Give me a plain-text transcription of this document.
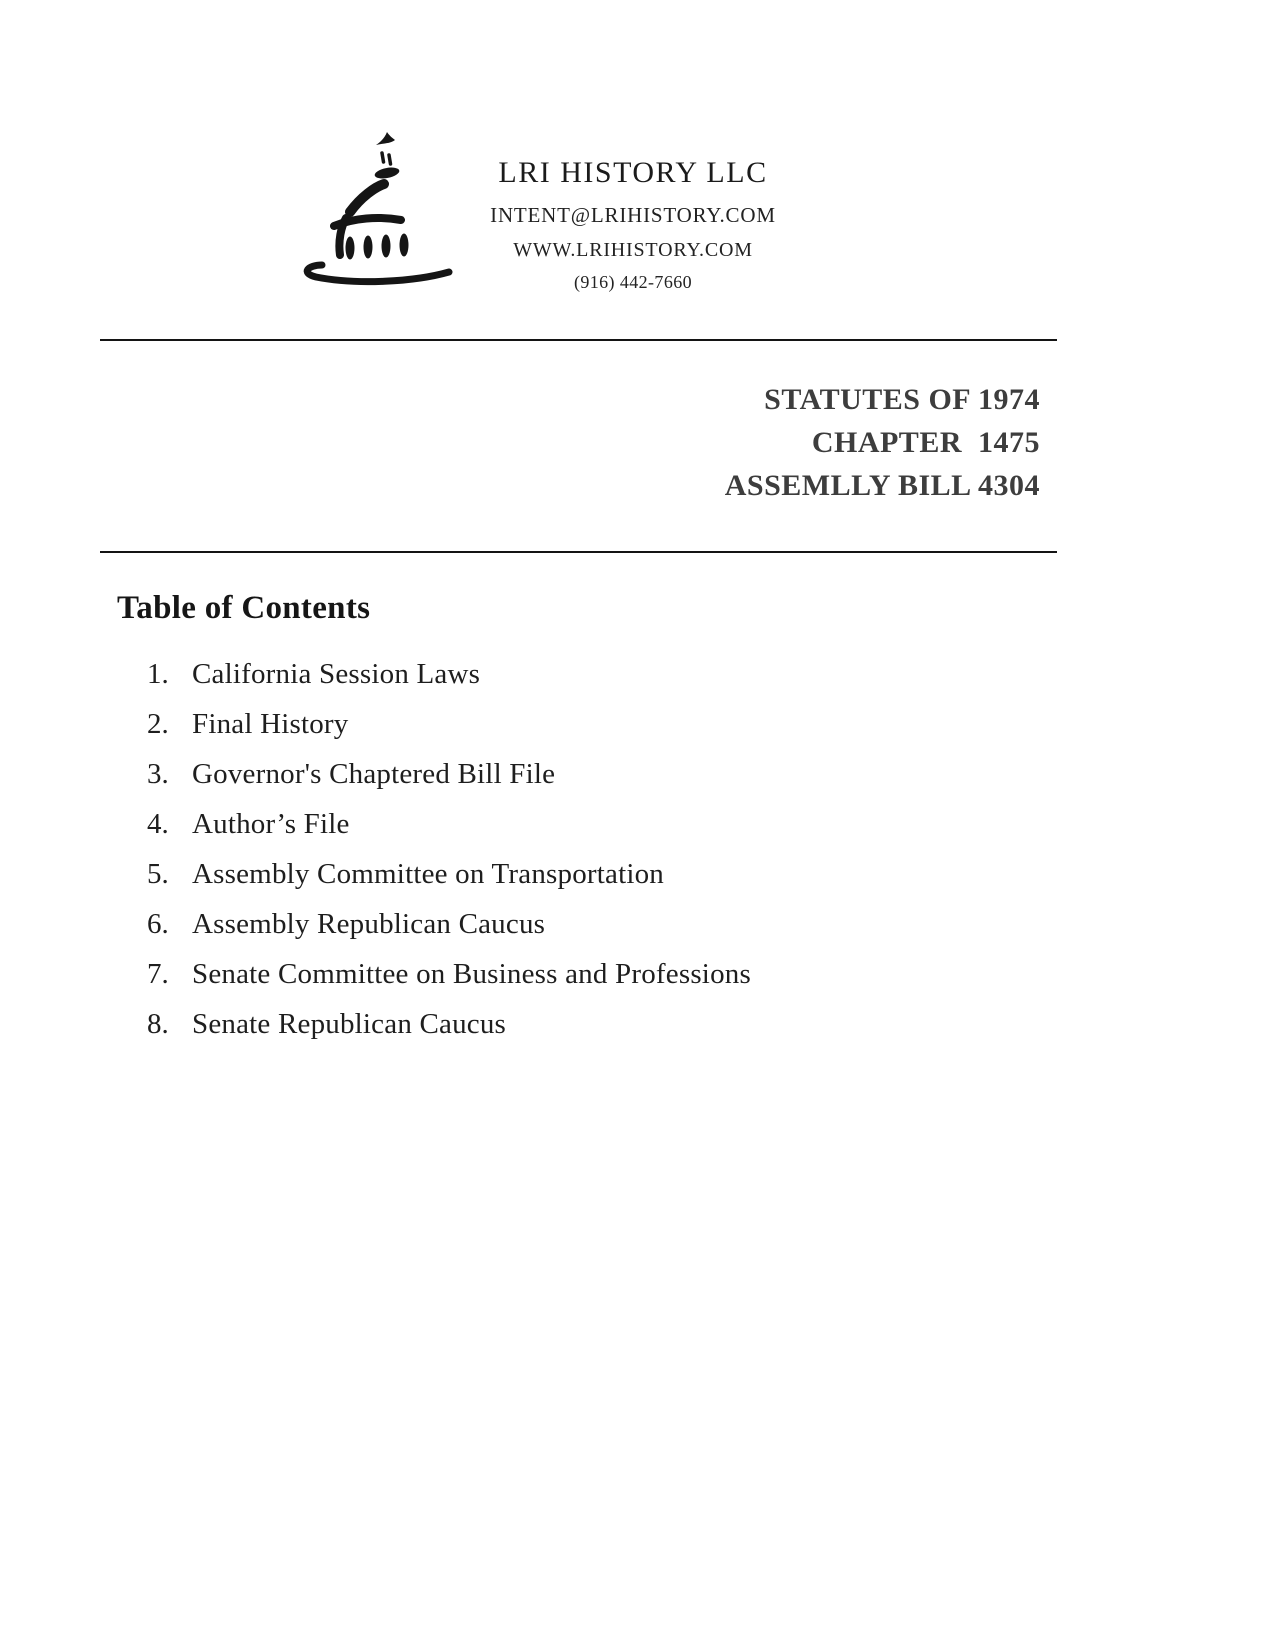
LRI HISTORY LLC
INTENT@LRIHISTORY.COM
WWW.LRIHISTORY.COM
(916) 442-7660
STATUTES OF 1974
CHAPTER  1475
ASSEMLLY BILL 4304
Table of Contents
1. California Session Laws
2. Final History
3. Governor's Chaptered Bill File
4. Author’s File
5. Assembly Committee on Transportation
6. Assembly Republican Caucus
7. Senate Committee on Business and Professions
8. Senate Republican Caucus
